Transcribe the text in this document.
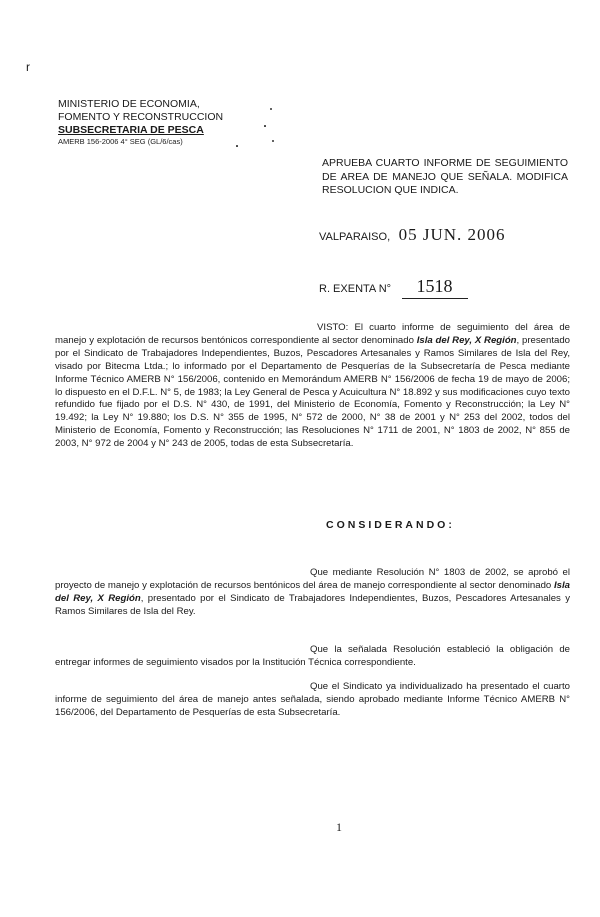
r
MINISTERIO DE ECONOMIA,
FOMENTO Y RECONSTRUCCION
SUBSECRETARIA DE PESCA
AMERB 156-2006 4° SEG (GL/6/cas)
APRUEBA CUARTO INFORME DE SEGUIMIENTO DE AREA DE MANEJO QUE SEÑALA. MODIFICA RESOLUCION QUE INDICA.
VALPARAISO, 05 JUN. 2006
R. EXENTA N° 1518
VISTO: El cuarto informe de seguimiento del área de manejo y explotación de recursos bentónicos correspondiente al sector denominado Isla del Rey, X Región, presentado por el Sindicato de Trabajadores Independientes, Buzos, Pescadores Artesanales y Ramos Similares de Isla del Rey, visado por Bitecma Ltda.; lo informado por el Departamento de Pesquerías de la Subsecretaría de Pesca mediante Informe Técnico AMERB N° 156/2006, contenido en Memorándum AMERB N° 156/2006 de fecha 19 de mayo de 2006; lo dispuesto en el D.F.L. N° 5, de 1983; la Ley General de Pesca y Acuicultura N° 18.892 y sus modificaciones cuyo texto refundido fue fijado por el D.S. N° 430, de 1991, del Ministerio de Economía, Fomento y Reconstrucción; la Ley N° 19.492; la Ley N° 19.880; los D.S. N° 355 de 1995, N° 572 de 2000, N° 38 de 2001 y N° 253 del 2002, todos del Ministerio de Economía, Fomento y Reconstrucción; las Resoluciones N° 1711 de 2001, N° 1803 de 2002, N° 855 de 2003, N° 972 de 2004 y N° 243 de 2005, todas de esta Subsecretaría.
CONSIDERANDO:
Que mediante Resolución N° 1803 de 2002, se aprobó el proyecto de manejo y explotación de recursos bentónicos del área de manejo correspondiente al sector denominado Isla del Rey, X Región, presentado por el Sindicato de Trabajadores Independientes, Buzos, Pescadores Artesanales y Ramos Similares de Isla del Rey.
Que la señalada Resolución estableció la obligación de entregar informes de seguimiento visados por la Institución Técnica correspondiente.
Que el Sindicato ya individualizado ha presentado el cuarto informe de seguimiento del área de manejo antes señalada, siendo aprobado mediante Informe Técnico AMERB N° 156/2006, del Departamento de Pesquerías de esta Subsecretaría.
1
